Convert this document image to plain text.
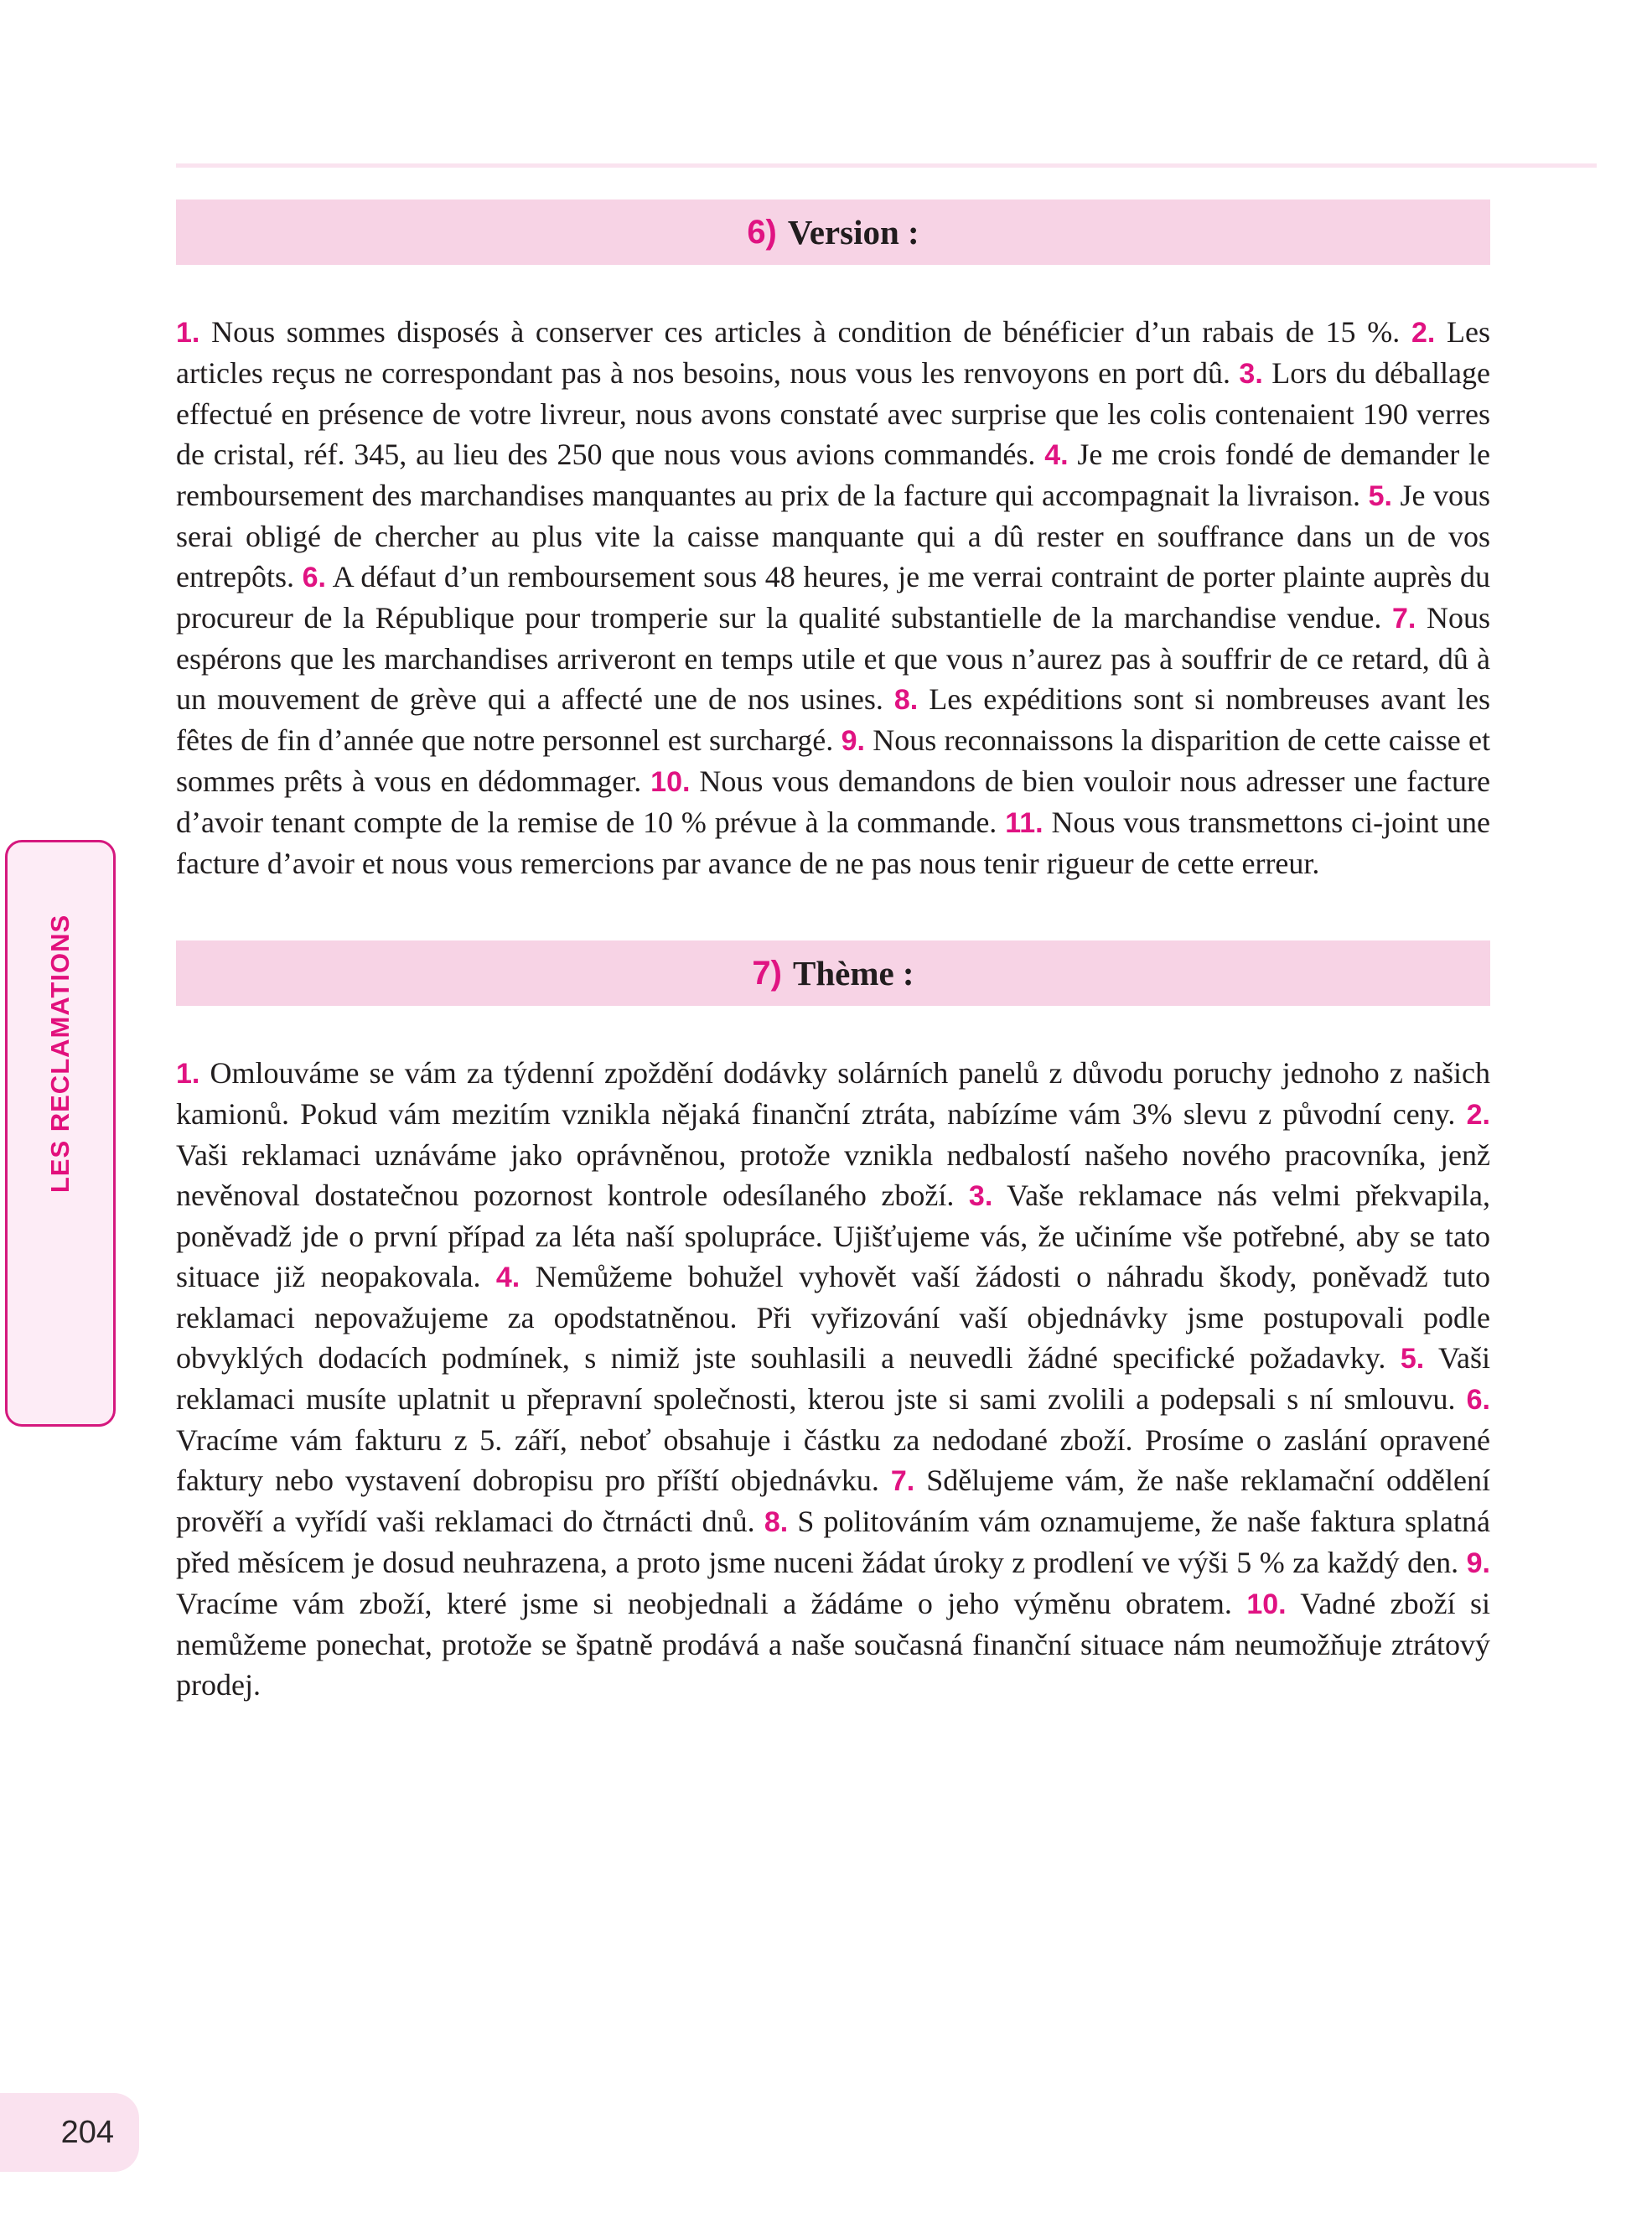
6) Version :

1. Nous sommes disposés à conserver ces articles à condition de bénéficier d’un rabais de 15 %. 2. Les articles reçus ne correspondant pas à nos besoins, nous vous les renvoyons en port dû. 3. Lors du déballage effectué en présence de votre livreur, nous avons constaté avec surprise que les colis contenaient 190 verres de cristal, réf. 345, au lieu des 250 que nous vous avions commandés. 4. Je me crois fondé de demander le remboursement des marchandises manquantes au prix de la facture qui accompagnait la livraison. 5. Je vous serai obligé de chercher au plus vite la caisse manquante qui a dû rester en souffrance dans un de vos entrepôts. 6. A défaut d’un remboursement sous 48 heures, je me verrai contraint de porter plainte auprès du procureur de la République pour tromperie sur la qualité substantielle de la marchandise vendue. 7. Nous espérons que les marchandises arriveront en temps utile et que vous n’aurez pas à souffrir de ce retard, dû à un mouvement de grève qui a affecté une de nos usines. 8. Les expéditions sont si nombreuses avant les fêtes de fin d’année que notre personnel est surchargé. 9. Nous reconnaissons la disparition de cette caisse et sommes prêts à vous en dédommager. 10. Nous vous demandons de bien vouloir nous adresser une facture d’avoir tenant compte de la remise de 10 % prévue à la commande. 11. Nous vous transmettons ci-joint une facture d’avoir et nous vous remercions par avance de ne pas nous tenir rigueur de cette erreur.

7) Thème :

1. Omlouváme se vám za týdenní zpoždění dodávky solárních panelů z důvodu poruchy jednoho z našich kamionů. Pokud vám mezitím vznikla nějaká finanční ztráta, nabízíme vám 3% slevu z původní ceny. 2. Vaši reklamaci uznáváme jako oprávněnou, protože vznikla nedbalostí našeho nového pracovníka, jenž nevěnoval dostatečnou pozornost kontrole odesílaného zboží. 3. Vaše reklamace nás velmi překvapila, poněvadž jde o první případ za léta naší spolupráce. Ujišťujeme vás, že učiníme vše potřebné, aby se tato situace již neopakovala. 4. Nemůžeme bohužel vyhovět vaší žádosti o náhradu škody, poněvadž tuto reklamaci nepovažujeme za opodstatněnou. Při vyřizování vaší objednávky jsme postupovali podle obvyklých dodacích podmínek, s nimiž jste souhlasili a neuvedli žádné specifické požadavky. 5. Vaši reklamaci musíte uplatnit u přepravní společnosti, kterou jste si sami zvolili a podepsali s ní smlouvu. 6. Vracíme vám fakturu z 5. září, neboť obsahuje i částku za nedodané zboží. Prosíme o zaslání opravené faktury nebo vystavení dobropisu pro příští objednávku. 7. Sdělujeme vám, že naše reklamační oddělení prověří a vyřídí vaši reklamaci do čtrnácti dnů. 8. S politováním vám oznamujeme, že naše faktura splatná před měsícem je dosud neuhrazena, a proto jsme nuceni žádat úroky z prodlení ve výši 5 % za každý den. 9. Vracíme vám zboží, které jsme si neobjednali a žádáme o jeho výměnu obratem. 10. Vadné zboží si nemůžeme ponechat, protože se špatně prodává a naše současná finanční situace nám neumožňuje ztrátový prodej.

LES RECLAMATIONS
204
